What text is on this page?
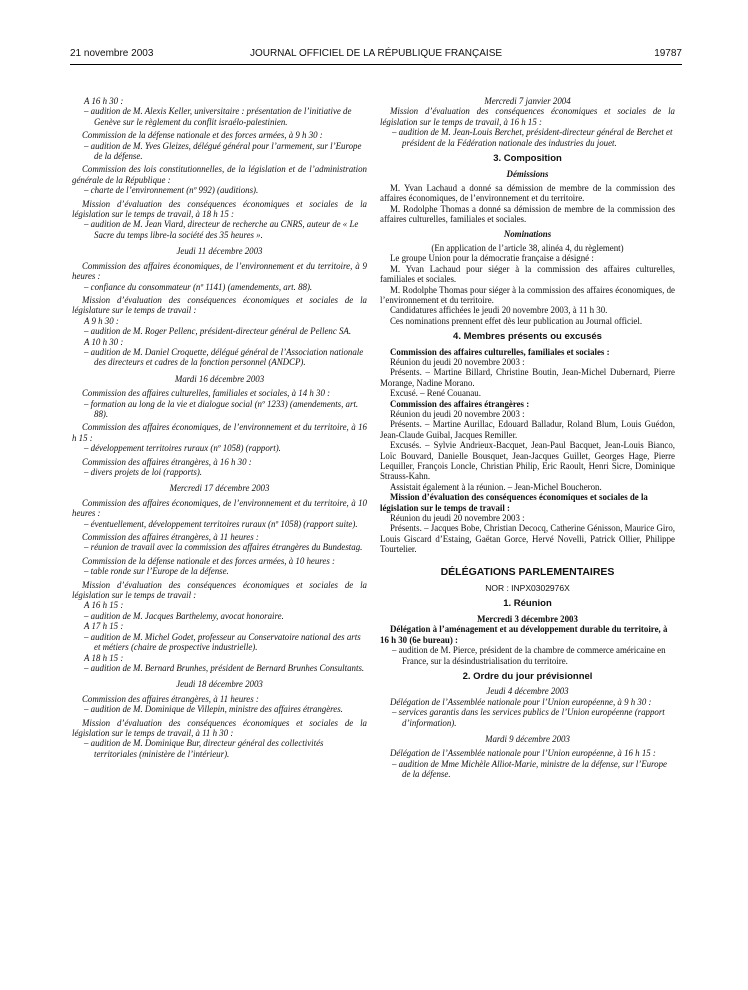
21 novembre 2003	JOURNAL OFFICIEL DE LA RÉPUBLIQUE FRANÇAISE	19787

A 16 h 30 :

– audition de M. Alexis Keller, universitaire : présentation de l’initiative de Genève sur le règlement du conflit israélo-palestinien.

Commission de la défense nationale et des forces armées, à 9 h 30 :

– audition de M. Yves Gleizes, délégué général pour l’armement, sur l’Europe de la défense.

Commission des lois constitutionnelles, de la législation et de l’administration générale de la République :

– charte de l’environnement (nº 992) (auditions).

Mission d’évaluation des conséquences économiques et sociales de la législation sur le temps de travail, à 18 h 15 :

– audition de M. Jean Viard, directeur de recherche au CNRS, auteur de « Le Sacre du temps libre-la société des 35 heures ».

Jeudi 11 décembre 2003

Commission des affaires économiques, de l’environnement et du territoire, à 9 heures :

– confiance du consommateur (nº 1141) (amendements, art. 88).

Mission d’évaluation des conséquences économiques et sociales de la législature sur le temps de travail :

A 9 h 30 :

– audition de M. Roger Pellenc, président-directeur général de Pellenc SA.

A 10 h 30 :

– audition de M. Daniel Croquette, délégué général de l’Association nationale des directeurs et cadres de la fonction personnel (ANDCP).

Mardi 16 décembre 2003

Commission des affaires culturelles, familiales et sociales, à 14 h 30 :

– formation au long de la vie et dialogue social (nº 1233) (amendements, art. 88).

Commission des affaires économiques, de l’environnement et du territoire, à 16 h 15 :

– développement territoires ruraux (nº 1058) (rapport).

Commission des affaires étrangères, à 16 h 30 :

– divers projets de loi (rapports).

Mercredi 17 décembre 2003

Commission des affaires économiques, de l’environnement et du territoire, à 10 heures :

– éventuellement, développement territoires ruraux (nº 1058) (rapport suite).

Commission des affaires étrangères, à 11 heures :

– réunion de travail avec la commission des affaires étrangères du Bundestag.

Commission de la défense nationale et des forces armées, à 10 heures :

– table ronde sur l’Europe de la défense.

Mission d’évaluation des conséquences économiques et sociales de la législation sur le temps de travail :

A 16 h 15 :

– audition de M. Jacques Barthelemy, avocat honoraire.

A 17 h 15 :

– audition de M. Michel Godet, professeur au Conservatoire national des arts et métiers (chaire de prospective industrielle).

A 18 h 15 :

– audition de M. Bernard Brunhes, président de Bernard Brunhes Consultants.

Jeudi 18 décembre 2003

Commission des affaires étrangères, à 11 heures :

– audition de M. Dominique de Villepin, ministre des affaires étrangères.

Mission d’évaluation des conséquences économiques et sociales de la législation sur le temps de travail, à 11 h 30 :

– audition de M. Dominique Bur, directeur général des collectivités territoriales (ministère de l’intérieur).

Mercredi 7 janvier 2004

Mission d’évaluation des conséquences économiques et sociales de la législation sur le temps de travail, à 16 h 15 :

– audition de M. Jean-Louis Berchet, président-directeur général de Berchet et président de la Fédération nationale des industries du jouet.

3. Composition

Démissions

M. Yvan Lachaud a donné sa démission de membre de la commission des affaires économiques, de l’environnement et du territoire.

M. Rodolphe Thomas a donné sa démission de membre de la commission des affaires culturelles, familiales et sociales.

Nominations

(En application de l’article 38, alinéa 4, du règlement)

Le groupe Union pour la démocratie française a désigné :

M. Yvan Lachaud pour siéger à la commission des affaires culturelles, familiales et sociales.

M. Rodolphe Thomas pour siéger à la commission des affaires économiques, de l’environnement et du territoire.

Candidatures affichées le jeudi 20 novembre 2003, à 11 h 30.

Ces nominations prennent effet dès leur publication au Journal officiel.

4. Membres présents ou excusés

Commission des affaires culturelles, familiales et sociales :

Réunion du jeudi 20 novembre 2003 :

Présents. – Martine Billard, Christine Boutin, Jean-Michel Dubernard, Pierre Morange, Nadine Morano.

Excusé. – René Couanau.

Commission des affaires étrangères :

Réunion du jeudi 20 novembre 2003 :

Présents. – Martine Aurillac, Edouard Balladur, Roland Blum, Louis Guédon, Jean-Claude Guibal, Jacques Remiller.

Excusés. – Sylvie Andrieux-Bacquet, Jean-Paul Bacquet, Jean-Louis Bianco, Loïc Bouvard, Danielle Bousquet, Jean-Jacques Guillet, Georges Hage, Pierre Lequiller, François Loncle, Christian Philip, Eric Raoult, Henri Sicre, Dominique Strauss-Kahn.

Assistait également à la réunion. – Jean-Michel Boucheron.

Mission d’évaluation des conséquences économiques et sociales de la législation sur le temps de travail :

Réunion du jeudi 20 novembre 2003 :

Présents. – Jacques Bobe, Christian Decocq, Catherine Génisson, Maurice Giro, Louis Giscard d’Estaing, Gaëtan Gorce, Hervé Novelli, Patrick Ollier, Philippe Tourtelier.

DÉLÉGATIONS PARLEMENTAIRES

NOR : INPX0302976X

1. Réunion

Mercredi 3 décembre 2003

Délégation à l’aménagement et au développement durable du territoire, à 16 h 30 (6e bureau) :

– audition de M. Pierce, président de la chambre de commerce américaine en France, sur la désindustrialisation du territoire.

2. Ordre du jour prévisionnel

Jeudi 4 décembre 2003

Délégation de l’Assemblée nationale pour l’Union européenne, à 9 h 30 :

– services garantis dans les services publics de l’Union européenne (rapport d’information).

Mardi 9 décembre 2003

Délégation de l’Assemblée nationale pour l’Union européenne, à 16 h 15 :

– audition de Mme Michèle Alliot-Marie, ministre de la défense, sur l’Europe de la défense.
